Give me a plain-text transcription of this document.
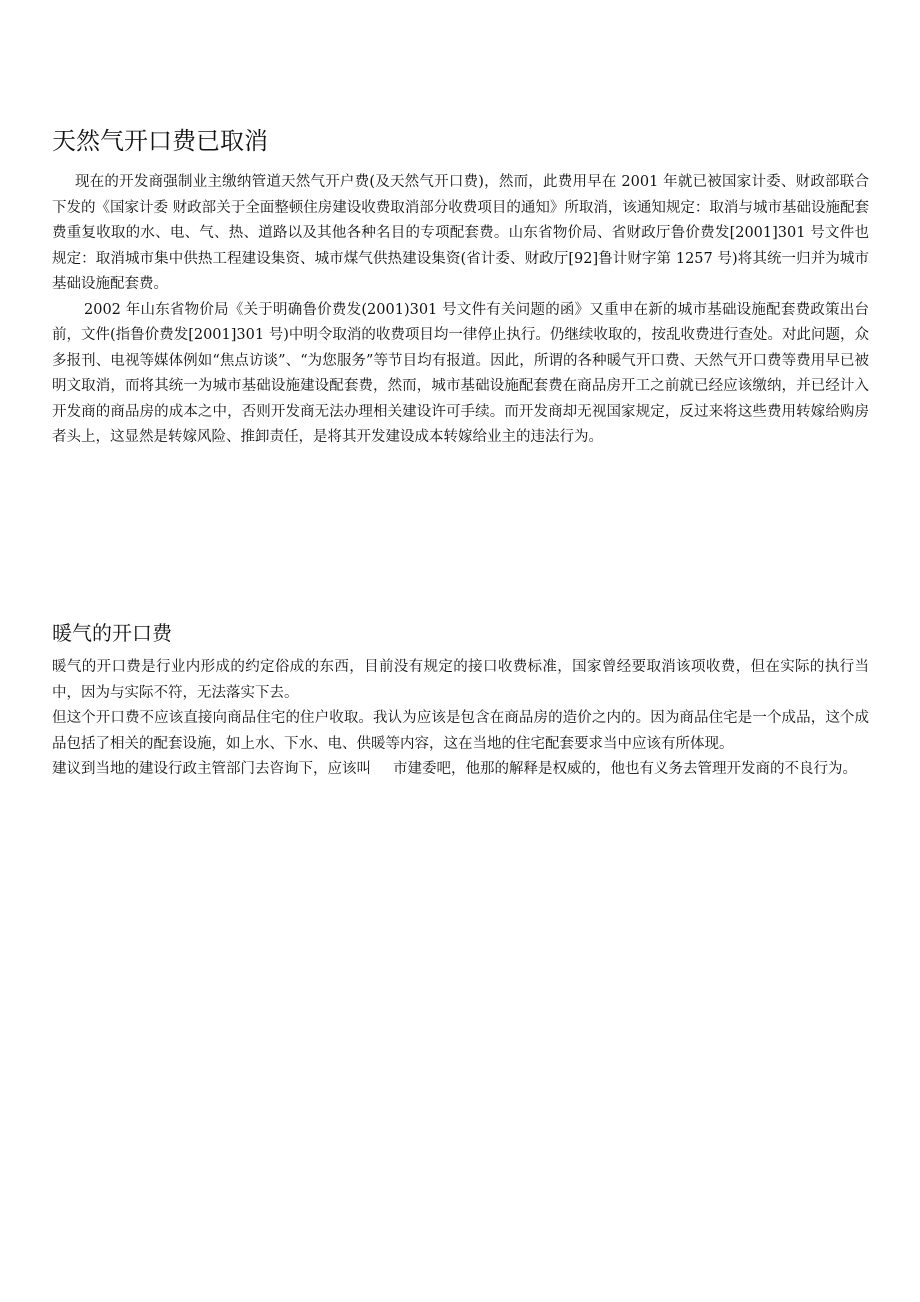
天然气开口费已取消

现在的开发商强制业主缴纳管道天然气开户费(及天然气开口费)，然而，此费用早在 2001 年就已被国家计委、财政部联合下发的《国家计委 财政部关于全面整顿住房建设收费取消部分收费项目的通知》所取消，该通知规定：取消与城市基础设施配套费重复收取的水、电、气、热、道路以及其他各种名目的专项配套费。山东省物价局、省财政厅鲁价费发[2001]301 号文件也规定：取消城市集中供热工程建设集资、城市煤气供热建设集资(省计委、财政厅[92]鲁计财字第 1257 号)将其统一归并为城市基础设施配套费。

2002 年山东省物价局《关于明确鲁价费发(2001)301 号文件有关问题的函》又重申在新的城市基础设施配套费政策出台前，文件(指鲁价费发[2001]301 号)中明令取消的收费项目均一律停止执行。仍继续收取的，按乱收费进行查处。对此问题，众多报刊、电视等媒体例如“焦点访谈”、“为您服务”等节目均有报道。因此，所谓的各种暖气开口费、天然气开口费等费用早已被明文取消，而将其统一为城市基础设施建设配套费，然而，城市基础设施配套费在商品房开工之前就已经应该缴纳，并已经计入开发商的商品房的成本之中，否则开发商无法办理相关建设许可手续。而开发商却无视国家规定，反过来将这些费用转嫁给购房者头上，这显然是转嫁风险、推卸责任，是将其开发建设成本转嫁给业主的违法行为。

暖气的开口费

暖气的开口费是行业内形成的约定俗成的东西，目前没有规定的接口收费标准，国家曾经要取消该项收费，但在实际的执行当中，因为与实际不符，无法落实下去。

但这个开口费不应该直接向商品住宅的住户收取。我认为应该是包含在商品房的造价之内的。因为商品住宅是一个成品，这个成品包括了相关的配套设施，如上水、下水、电、供暖等内容，这在当地的住宅配套要求当中应该有所体现。

建议到当地的建设行政主管部门去咨询下，应该叫 市建委吧，他那的解释是权威的，他也有义务去管理开发商的不良行为。
